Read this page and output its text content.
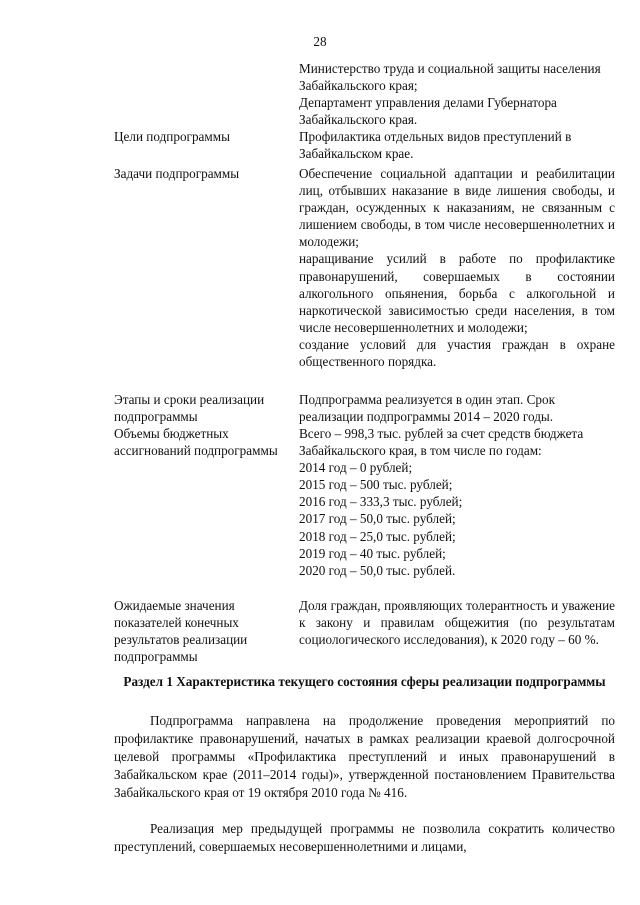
28
Министерство труда и социальной защиты населения Забайкальского края;
Департамент управления делами Губернатора Забайкальского края.
Цели подпрограммы	Профилактика отдельных видов преступлений в Забайкальском крае.
Задачи подпрограммы	Обеспечение социальной адаптации и реабилитации лиц, отбывших наказание в виде лишения свободы, и граждан, осужденных к наказаниям, не связанным с лишением свободы, в том числе несовершеннолетних и молодежи;
наращивание усилий в работе по профилактике правонарушений, совершаемых в состоянии алкогольного опьянения, борьба с алкогольной и наркотической зависимостью среди населения, в том числе несовершеннолетних и молодежи;
создание условий для участия граждан в охране общественного порядка.
Этапы и сроки реализации подпрограммы
Подпрограмма реализуется в один этап. Срок реализации подпрограммы 2014 – 2020 годы.
Объемы бюджетных ассигнований подпрограммы
Всего – 998,3 тыс. рублей за счет средств бюджета Забайкальского края, в том числе по годам:
2014 год – 0 рублей;
2015 год – 500 тыс. рублей;
2016 год – 333,3 тыс. рублей;
2017 год – 50,0 тыс. рублей;
2018 год – 25,0 тыс. рублей;
2019 год – 40 тыс. рублей;
2020 год – 50,0 тыс. рублей.
Ожидаемые значения показателей конечных результатов реализации подпрограммы
Доля граждан, проявляющих толерантность и уважение к закону и правилам общежития (по результатам социологического исследования), к 2020 году – 60 %.
Раздел 1 Характеристика текущего состояния сферы реализации подпрограммы
Подпрограмма направлена на продолжение проведения мероприятий по профилактике правонарушений, начатых в рамках реализации краевой долгосрочной целевой программы «Профилактика преступлений и иных правонарушений в Забайкальском крае (2011–2014 годы)», утвержденной постановлением Правительства Забайкальского края от 19 октября 2010 года № 416.
Реализация мер предыдущей программы не позволила сократить количество преступлений, совершаемых несовершеннолетними и лицами,
